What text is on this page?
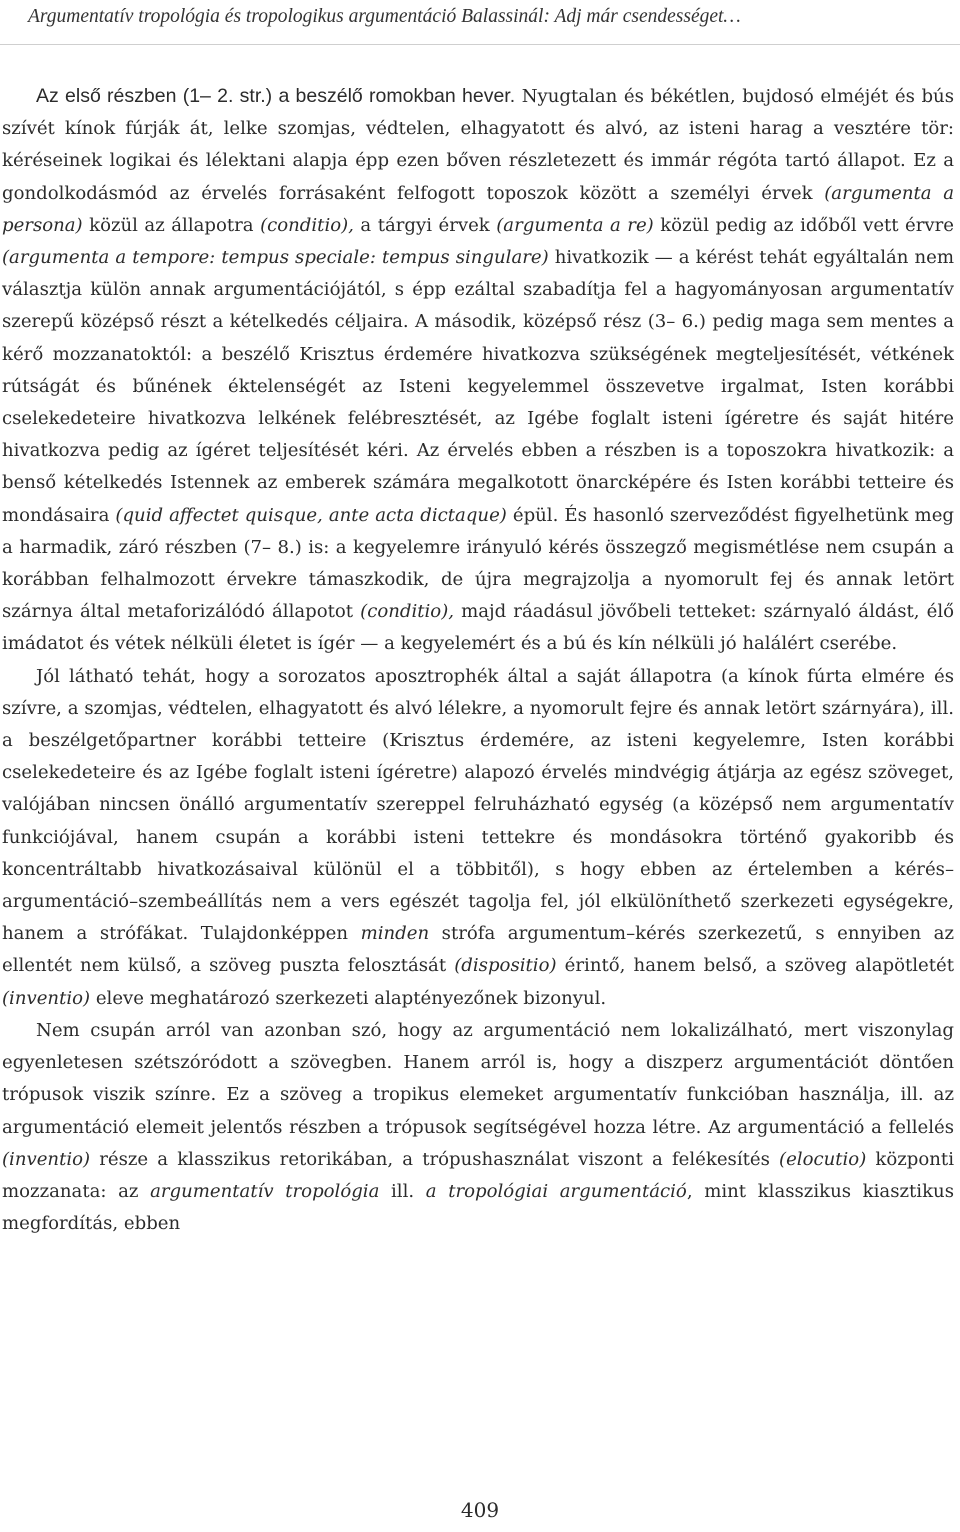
Argumentatív tropológia és tropologikus argumentáció Balassinál: Adj már csendességet…

Az első részben (1– 2. str.) a beszélő romokban hever. Nyugtalan és békétlen, bujdosó elméjét és bús szívét kínok fúrják át, lelke szomjas, védtelen, elhagyatott és alvó, az isteni harag a vesztére tör: kéréseinek logikai és lélektani alapja épp ezen bőven részletezett és immár régóta tartó állapot. Ez a gondolkodásmód az érvelés forrásaként felfogott toposzok között a személyi érvek (argumenta a persona) közül az állapotra (conditio), a tárgyi érvek (argumenta a re) közül pedig az időből vett érvre (argumenta a tempore: tempus speciale: tempus singulare) hivatkozik — a kérést tehát egyáltalán nem választja külön annak argumentációjától, s épp ezáltal szabadítja fel a hagyományosan argumentatív szerepű középső részt a kételkedés céljaira. A második, középső rész (3– 6.) pedig maga sem mentes a kérő mozzanatoktól: a beszélő Krisztus érdemére hivatkozva szükségének megteljesítését, vétkének rútságát és bűnének éktelenségét az Isteni kegyelemmel összevetve irgalmat, Isten korábbi cselekedeteire hivatkozva lelkének felébresztését, az Igébe foglalt isteni ígéretre és saját hitére hivatkozva pedig az ígéret teljesítését kéri. Az érvelés ebben a részben is a toposzokra hivatkozik: a benső kételkedés Istennek az emberek számára megalkotott önarcképére és Isten korábbi tetteire és mondásaira (quid affectet quisque, ante acta dictaque) épül. És hasonló szerveződést figyelhetünk meg a harmadik, záró részben (7– 8.) is: a kegyelemre irányuló kérés összegző megismétlése nem csupán a korábban felhalmozott érvekre támaszkodik, de újra megrajzolja a nyomorult fej és annak letört szárnya által metaforizálódó állapotot (conditio), majd ráadásul jövőbeli tetteket: szárnyaló áldást, élő imádatot és vétek nélküli életet is ígér — a kegyelemért és a bú és kín nélküli jó halálért cserébe.

Jól látható tehát, hogy a sorozatos aposztrophék által a saját állapotra (a kínok fúrta elmére és szívre, a szomjas, védtelen, elhagyatott és alvó lélekre, a nyomorult fejre és annak letört szárnyára), ill. a beszélgetőpartner korábbi tetteire (Krisztus érdemére, az isteni kegyelemre, Isten korábbi cselekedeteire és az Igébe foglalt isteni ígéretre) alapozó érvelés mindvégig átjárja az egész szöveget, valójában nincsen önálló argumentatív szereppel felruházható egység (a középső nem argumentatív funkciójával, hanem csupán a korábbi isteni tettekre és mondásokra történő gyakoribb és koncentráltabb hivatkozásaival különül el a többitől), s hogy ebben az értelemben a kérés–argumentáció–szembeállítás nem a vers egészét tagolja fel, jól elkülöníthető szerkezeti egységekre, hanem a strófákat. Tulajdonképpen minden strófa argumentum–kérés szerkezetű, s ennyiben az ellentét nem külső, a szöveg puszta felosztását (dispositio) érintő, hanem belső, a szöveg alapötletét (inventio) eleve meghatározó szerkezeti alaptényezőnek bizonyul.

Nem csupán arról van azonban szó, hogy az argumentáció nem lokalizálható, mert viszonylag egyenletesen szétszóródott a szövegben. Hanem arról is, hogy a diszperz argumentációt döntően trópusok viszik színre. Ez a szöveg a tropikus elemeket argumentatív funkcióban használja, ill. az argumentáció elemeit jelentős részben a trópusok segítségével hozza létre. Az argumentáció a fellelés (inventio) része a klasszikus retorikában, a trópushasználat viszont a felékesítés (elocutio) központi mozzanata: az argumentatív tropológia ill. a tropológiai argumentáció, mint klasszikus kiasztikus megfordítás, ebben

409
